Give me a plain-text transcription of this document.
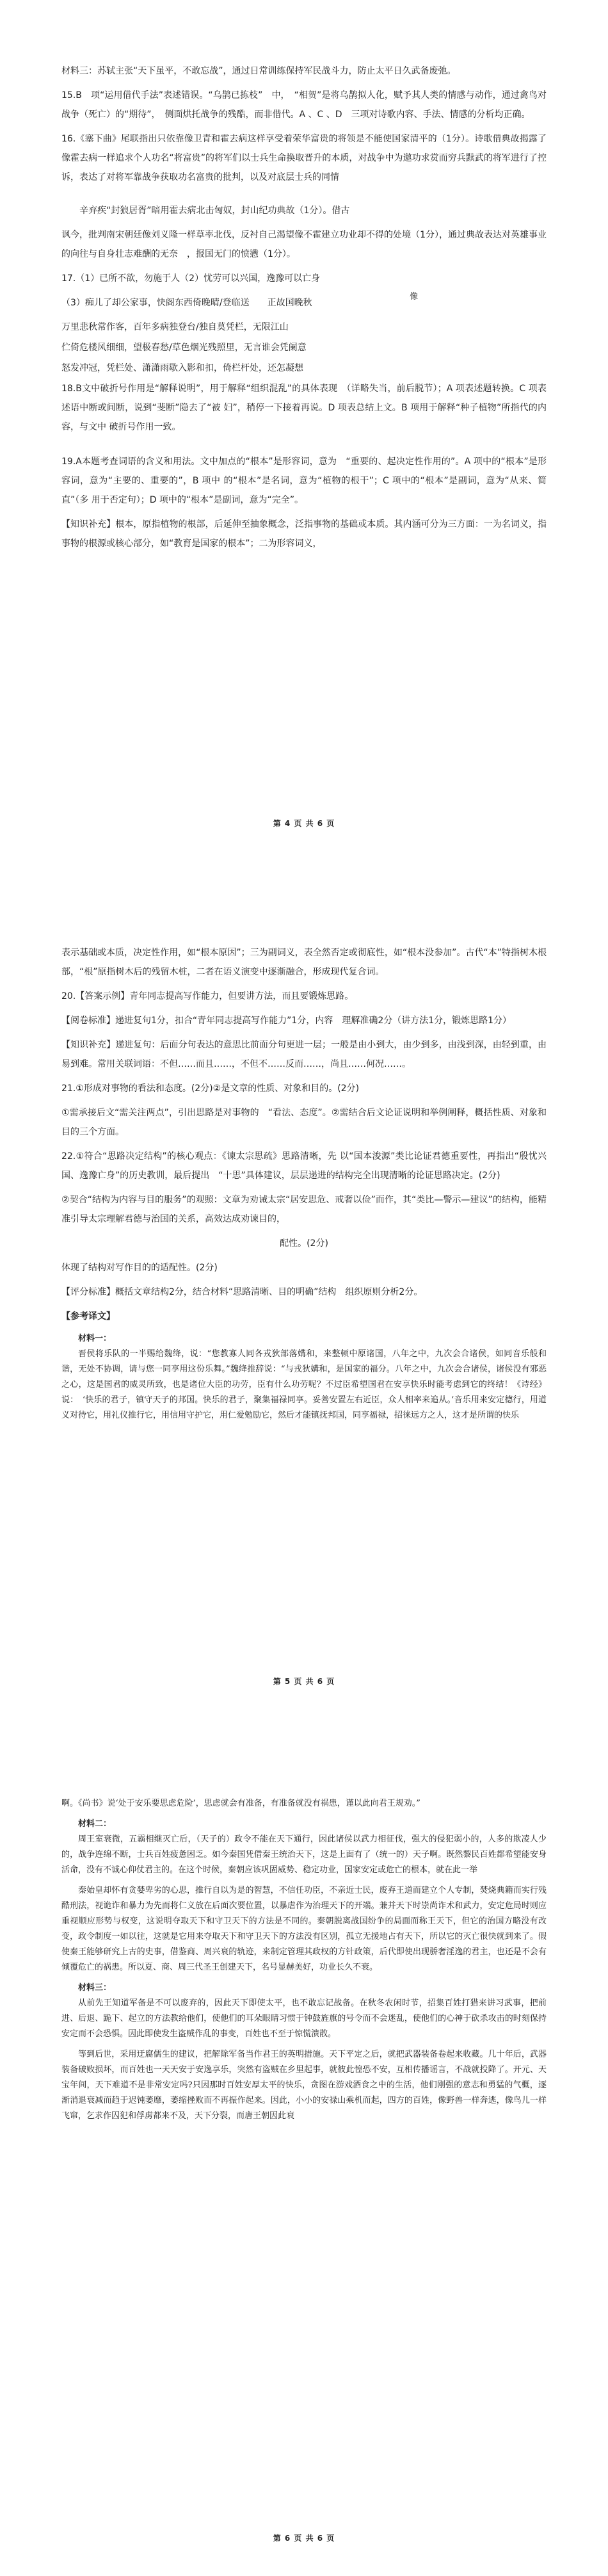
材料三：苏轼主张“天下虽平，不敢忘战”，通过日常训练保持军民战斗力，防止太平日久武备废弛。

15.B　项“运用借代手法”表述错误。“乌鹊已拣枝”　中，　“相贺”是将乌鹊拟人化，赋予其人类的情感与动作，通过禽鸟对战争（死亡）的“期待”，　侧面烘托战争的残酷，而非借代。A 、C 、D　三项对诗歌内容、手法、情感的分析均正确。

16.《塞下曲》尾联指出只依靠像卫青和霍去病这样享受着荣华富贵的将领是不能使国家清平的（1分）。诗歌借典故揭露了像霍去病一样追求个人功名“将富贵”的将军们以士兵生命换取晋升的本质，对战争中为邀功求赏而穷兵黩武的将军进行了控诉，表达了对将军靠战争获取功名富贵的批判，以及对底层士兵的同情

辛弃疾“封狼居胥”暗用霍去病北击匈奴，封山纪功典故（1分）。借古

讽今，批判南宋朝廷像刘义隆一样草率北伐，反衬自己渴望像不霍建立功业却不得的处境（1分），通过典故表达对英雄事业的向往与自身壮志难酬的无奈　，报国无门的愤懑（1分）。

17.（1）已所不欲，勿施于人（2）忧劳可以兴国，逸豫可以亡身

（3）痴儿了却公家事，快阁东西倚晚晴/登临送　　正故国晚秋

万里悲秋常作客，百年多病独登台/独自莫凭栏，无限江山

伫倚危楼风细细，望极春愁/草色烟光残照里，无言谁会凭阑意

怒发冲冠，凭栏处、潇潇雨歇入影和扣，倚栏杆处，还怎凝想

18.B文中破折号作用是“解释说明”，用于解释“组织混乱”的具体表现　（详略失当，前后脱节）；A 项表述题转换。C 项表述语中断或间断，说到“斐断”隐去了“被 妇”，稍停一下接着再说。D 项表总结上文。B 项用于解释“种子植物”所指代的内容，与文中 破折号作用一致。

19.A本题考查词语的含义和用法。文中加点的“根本”是形容词，意为　“重要的、起决定性作用的”。A 项中的“根本”是形容词，意为“主要的、重要的”，B 项中 的“根本”是名词，意为“植物的根干”；C 项中的“根本”是副词，意为“从来、简直”（多 用于否定句）；D 项中的“根本”是副词，意为“完全”。

【知识补充】根本，原指植物的根部，后延伸至抽象概念，泛指事物的基础或本质。其内涵可分为三方面：一为名词义，指事物的根源或核心部分，如“教育是国家的根本”；二为形容词义，

第 4 页 共 6 页

表示基础或本质，决定性作用，如“根本原因”；三为副词义，表全然否定或彻底性，如“根本没参加”。古代“本”特指树木根部，“根”原指树木后的残留木桩，二者在语义演变中逐渐融合，形成现代复合词。

20.【答案示例】青年同志提高写作能力，但要讲方法，而且要锻炼思路。

【阅卷标准】递进复句1分，扣合“青年同志提高写作能力”1分，内容　理解准确2分（讲方法1分，锻炼思路1分）

【知识补充】递进复句：后面分句表达的意思比前面分句更进一层；一般是由小到大，由少到多，由浅到深，由轻到重，由易到难。常用关联词语：不但……而且……，不但不……反而……，尚且……何况……。

21.①形成对事物的看法和态度。(2分)②是文章的性质、对象和目的。(2分)

①需承接后文“需关注两点”，引出思路是对事物的　“看法、态度”。②需结合后文论证说明和举例阐释，概括性质、对象和目的三个方面。

22.①符合“思路决定结构”的核心观点：《谏太宗思疏》思路清晰，先 以“国本浚源”类比论证君德重要性，再指出“殷忧兴国、逸豫亡身”的历史教训，最后提出　“十思”具体建议，层层递进的结构完全出现清晰的论证思路决定。(2分)

②契合“结构为内容与目的服务”的观照：文章为劝诫太宗“居安思危、戒奢以俭”而作，其“类比—警示—建议”的结构，能精准引导太宗理解君德与治国的关系，高效达成劝谏目的，

配性。(2分)

体现了结构对写作目的的适配性。(2分)

【评分标准】概括文章结构2分，结合材料“思路清晰、目的明确”结构　组织原则分析2分。

【参考译文】

材料一：

晋侯将乐队的一半赐给魏绛，说：“您教寡人同各戎狄部落媾和，来整顿中原诸国，八年之中，九次会合诸侯，如同音乐般和谐，无处不协调，请与您一同享用这份乐舞。”魏绛推辞说：“与戎狄媾和，是国家的福分。八年之中，九次会合诸侯，诸侯没有邪恶之心，这是国君的威灵所致，也是诸位大臣的功劳，臣有什么功劳呢？不过臣希望国君在安享快乐时能考虑到它的终结！《诗经》说：　‘快乐的君子，镇守天子的邦国。快乐的君子，聚集福禄同享。妥善安置左右近臣，众人相率来追从。’音乐用来安定德行，用道义对待它，用礼仪推行它，用信用守护它，用仁爱勉励它，然后才能镇抚邦国，同享福禄，招徕远方之人，这才是所谓的快乐

第 5 页 共 6 页

啊。《尚书》说‘处于安乐要思虑危险’，思虑就会有准备，有准备就没有祸患，谨以此向君王规劝。”

材料二：

周王室衰微，五霸相继灭亡后，（天子的）政令不能在天下通行，因此诸侯以武力相征伐，强大的侵犯弱小的，人多的欺凌人少的，战争连绵不断，士兵百姓疲惫困乏。如今秦国凭借秦王统治天下，这是上面有了（统一的）天子啊。既然黎民百姓都希望能安身活命，没有不诚心仰仗君主的。在这个时候，秦朝应该巩固威势、稳定功业，国家安定或危亡的根本，就在此一举

秦始皇却怀有贪婪卑劣的心思，推行自以为是的智慧，不信任功臣，不亲近士民，废弃王道而建立个人专制，焚烧典籍而实行残酷刑法，视诡诈和暴力为先而将仁义放在后面次要位置，以暴虐作为治理天下的开端。兼并天下时崇尚诈术和武力，安定危局时则应重视顺应形势与权变，这说明夺取天下和守卫天下的方法是不同的。秦朝脱离战国纷争的局面而称王天下，但它的治国方略没有改变，政令制度一如以往，这就是它用来夺取天下和守卫天下的方法没有区别，孤立无援地占有天下，所以它的灭亡很快就到来了。假使秦王能够研究上古的史事，借鉴商、周兴衰的轨迹，来制定管理其政权的方针政策，后代即使出现骄奢淫逸的君主，也还是不会有倾覆危亡的祸患。所以夏、商、周三代圣王创建天下，名号显赫美好，功业长久不衰。

材料三：

从前先王知道军备是不可以废弃的，因此天下即使太平，也不敢忘记战备。在秋冬农闲时节，招集百姓打猎来讲习武事，把前进、后退、跪下、起立的方法教给他们，使他们的耳朵眼睛习惯于钟鼓旌旗的号令而不会迷乱，使他们的心神于砍杀攻击的时刻保持安定而不会恐惧。因此即使发生盗贼作乱的事变，百姓也不至于惊慌溃散。

等到后世，采用迂腐儒生的建议，把解除军备当作君王的英明措施。天下平定之后，就把武器装备卷起来收藏。几十年后，武器装备破败损坏，而百姓也一天天安于安逸享乐，突然有盗贼在乡里起事，就彼此惶恐不安，互相传播谣言，不战就投降了。开元、天宝年间，天下难道不是非常安定吗?只因那时百姓安厚太平的快乐，贪图在游戏酒食之中的生活，他们刚强的意志和勇猛的气概，逐渐消退衰减而趋于迟钝萎靡，萎缩挫败而不再振作起来。因此，小小的安禄山乘机而起，四方的百姓，像野兽一样奔逃，像鸟儿一样飞窜，乞求作囚犯和俘虏都来不及，天下分裂，而唐王朝因此衰

第 6 页 共 6 页
像
